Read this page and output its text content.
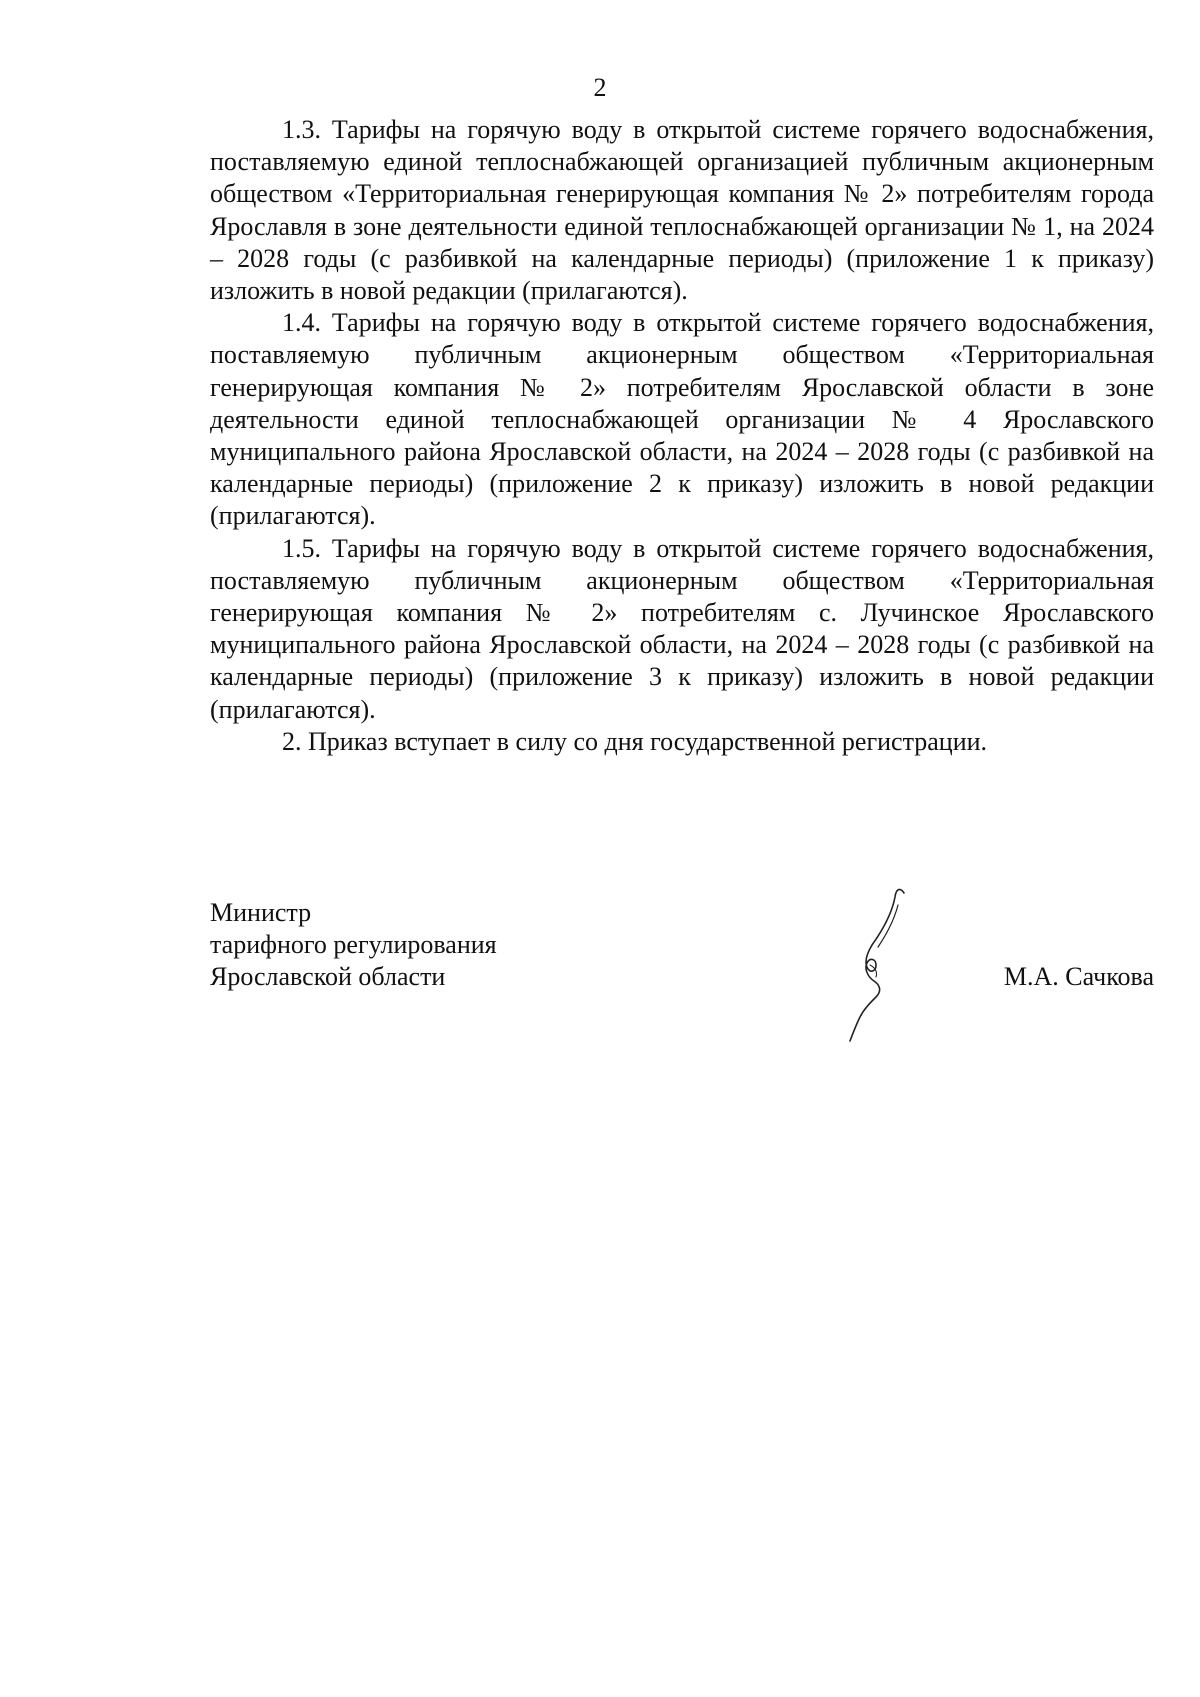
2

1.3. Тарифы на горячую воду в открытой системе горячего водоснабжения, поставляемую единой теплоснабжающей организацией публичным акционерным обществом «Территориальная генерирующая компания № 2» потребителям города Ярославля в зоне деятельности единой теплоснабжающей организации № 1, на 2024 – 2028 годы (с разбивкой на календарные периоды) (приложение 1 к приказу) изложить в новой редакции (прилагаются).

1.4. Тарифы на горячую воду в открытой системе горячего водоснабжения, поставляемую публичным акционерным обществом «Территориальная генерирующая компания № 2» потребителям Ярославской области в зоне деятельности единой теплоснабжающей организации № 4 Ярославского муниципального района Ярославской области, на 2024 – 2028 годы (с разбивкой на календарные периоды) (приложение 2 к приказу) изложить в новой редакции (прилагаются).

1.5. Тарифы на горячую воду в открытой системе горячего водоснабжения, поставляемую публичным акционерным обществом «Территориальная генерирующая компания № 2» потребителям с. Лучинское Ярославского муниципального района Ярославской области, на 2024 – 2028 годы (с разбивкой на календарные периоды) (приложение 3 к приказу) изложить в новой редакции (прилагаются).

2. Приказ вступает в силу со дня государственной регистрации.

Министр
тарифного регулирования
Ярославской области	М.А. Сачкова
